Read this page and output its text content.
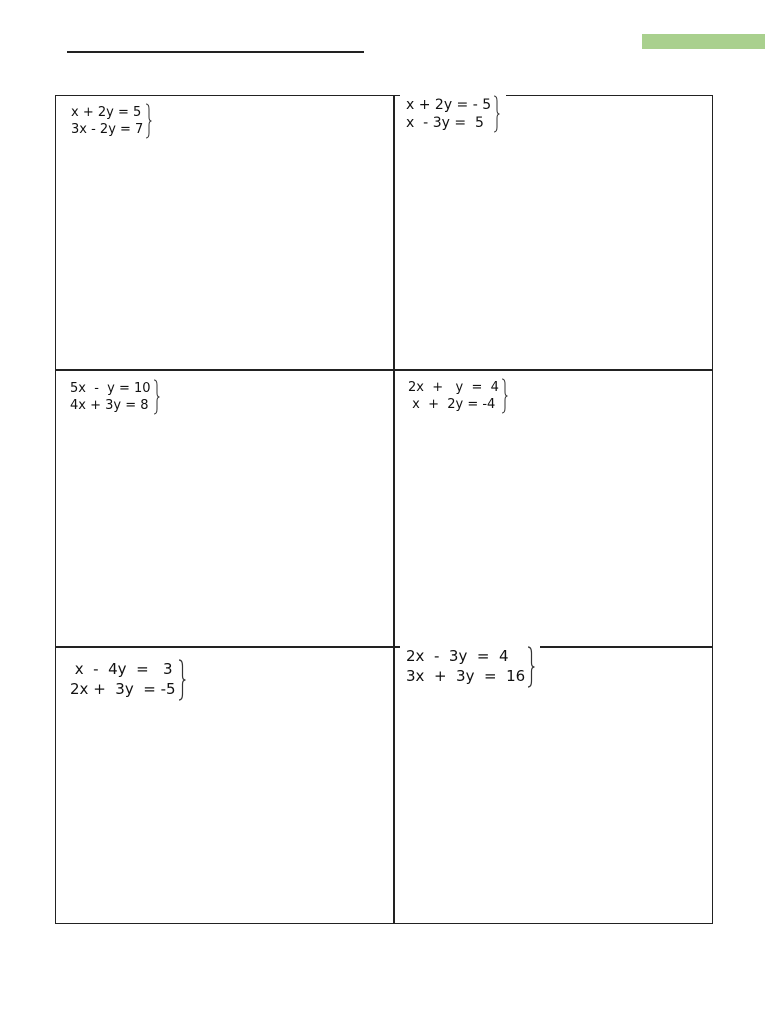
x + 2y = 5
3x - 2y = 7
x + 2y = - 5
x  - 3y =  5
5x  -  y = 10
4x + 3y = 8
2x  +   y  =  4
x  +  2y = -4
x  -  4y  =   3
2x +  3y  = -5
2x  -  3y  =  4
3x  +  3y  =  16
